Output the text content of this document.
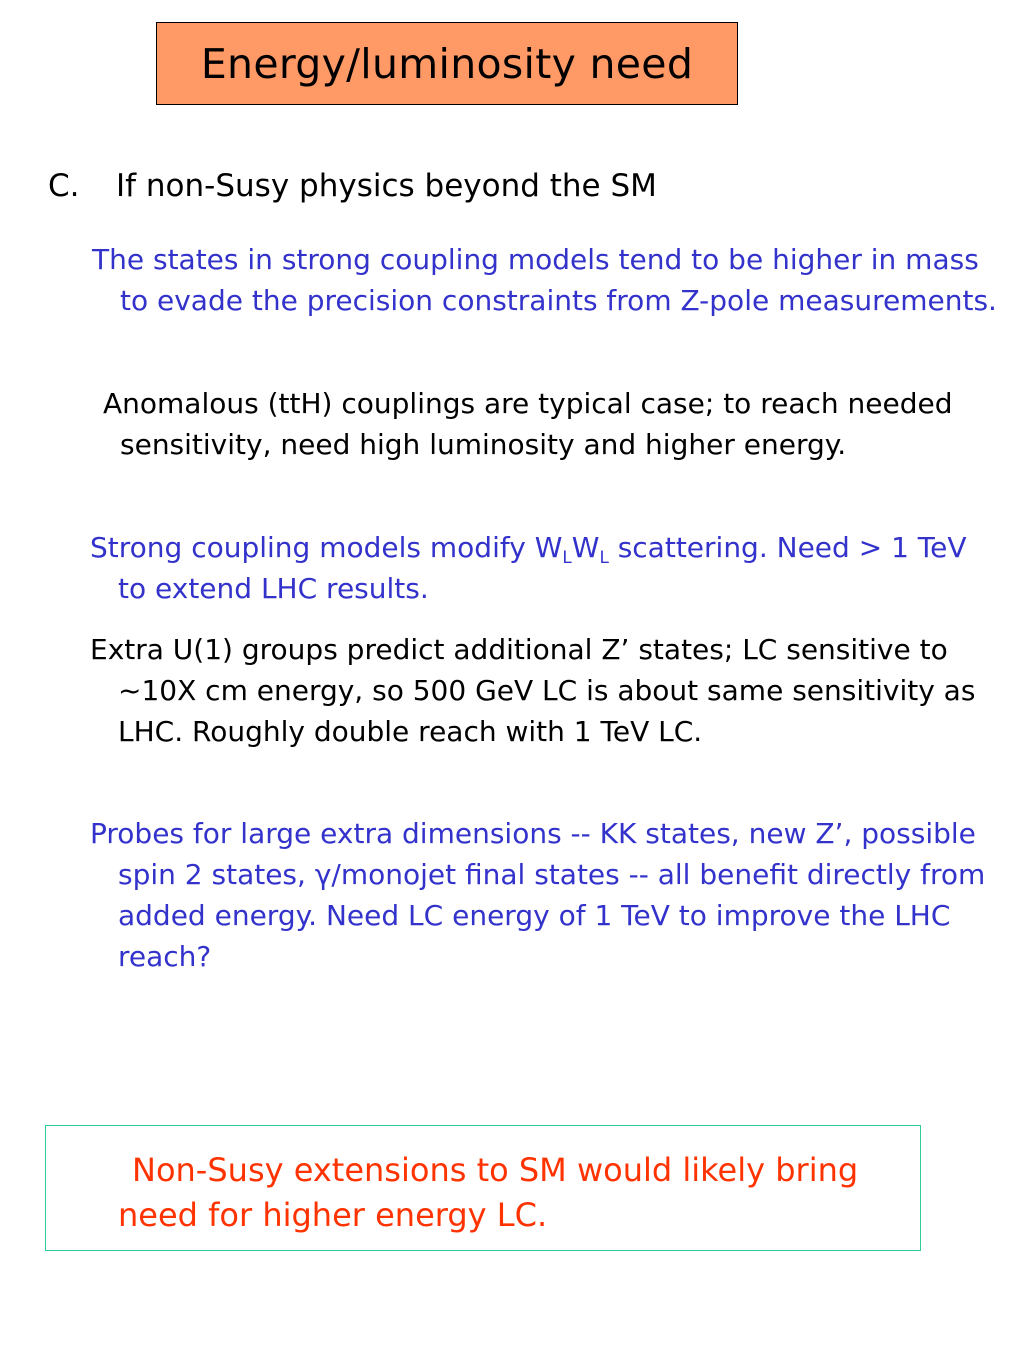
Energy/luminosity need
C. If non-Susy physics beyond the SM
The states in strong coupling models tend to be higher in mass to evade the precision constraints from Z-pole measurements.
Anomalous (ttH) couplings are typical case; to reach needed sensitivity, need high luminosity and higher energy.
Strong coupling models modify $W_LW_L$ scattering. Need > 1 TeV to extend LHC results.
Extra U(1) groups predict additional Z’ states; LC sensitive to ~10X cm energy, so 500 GeV LC is about same sensitivity as LHC. Roughly double reach with 1 TeV LC.
Probes for large extra dimensions -- KK states, new Z’, possible spin 2 states, γ/monojet final states -- all benefit directly from added energy. Need LC energy of 1 TeV to improve the LHC reach?
Non-Susy extensions to SM would likely bring need for higher energy LC.
